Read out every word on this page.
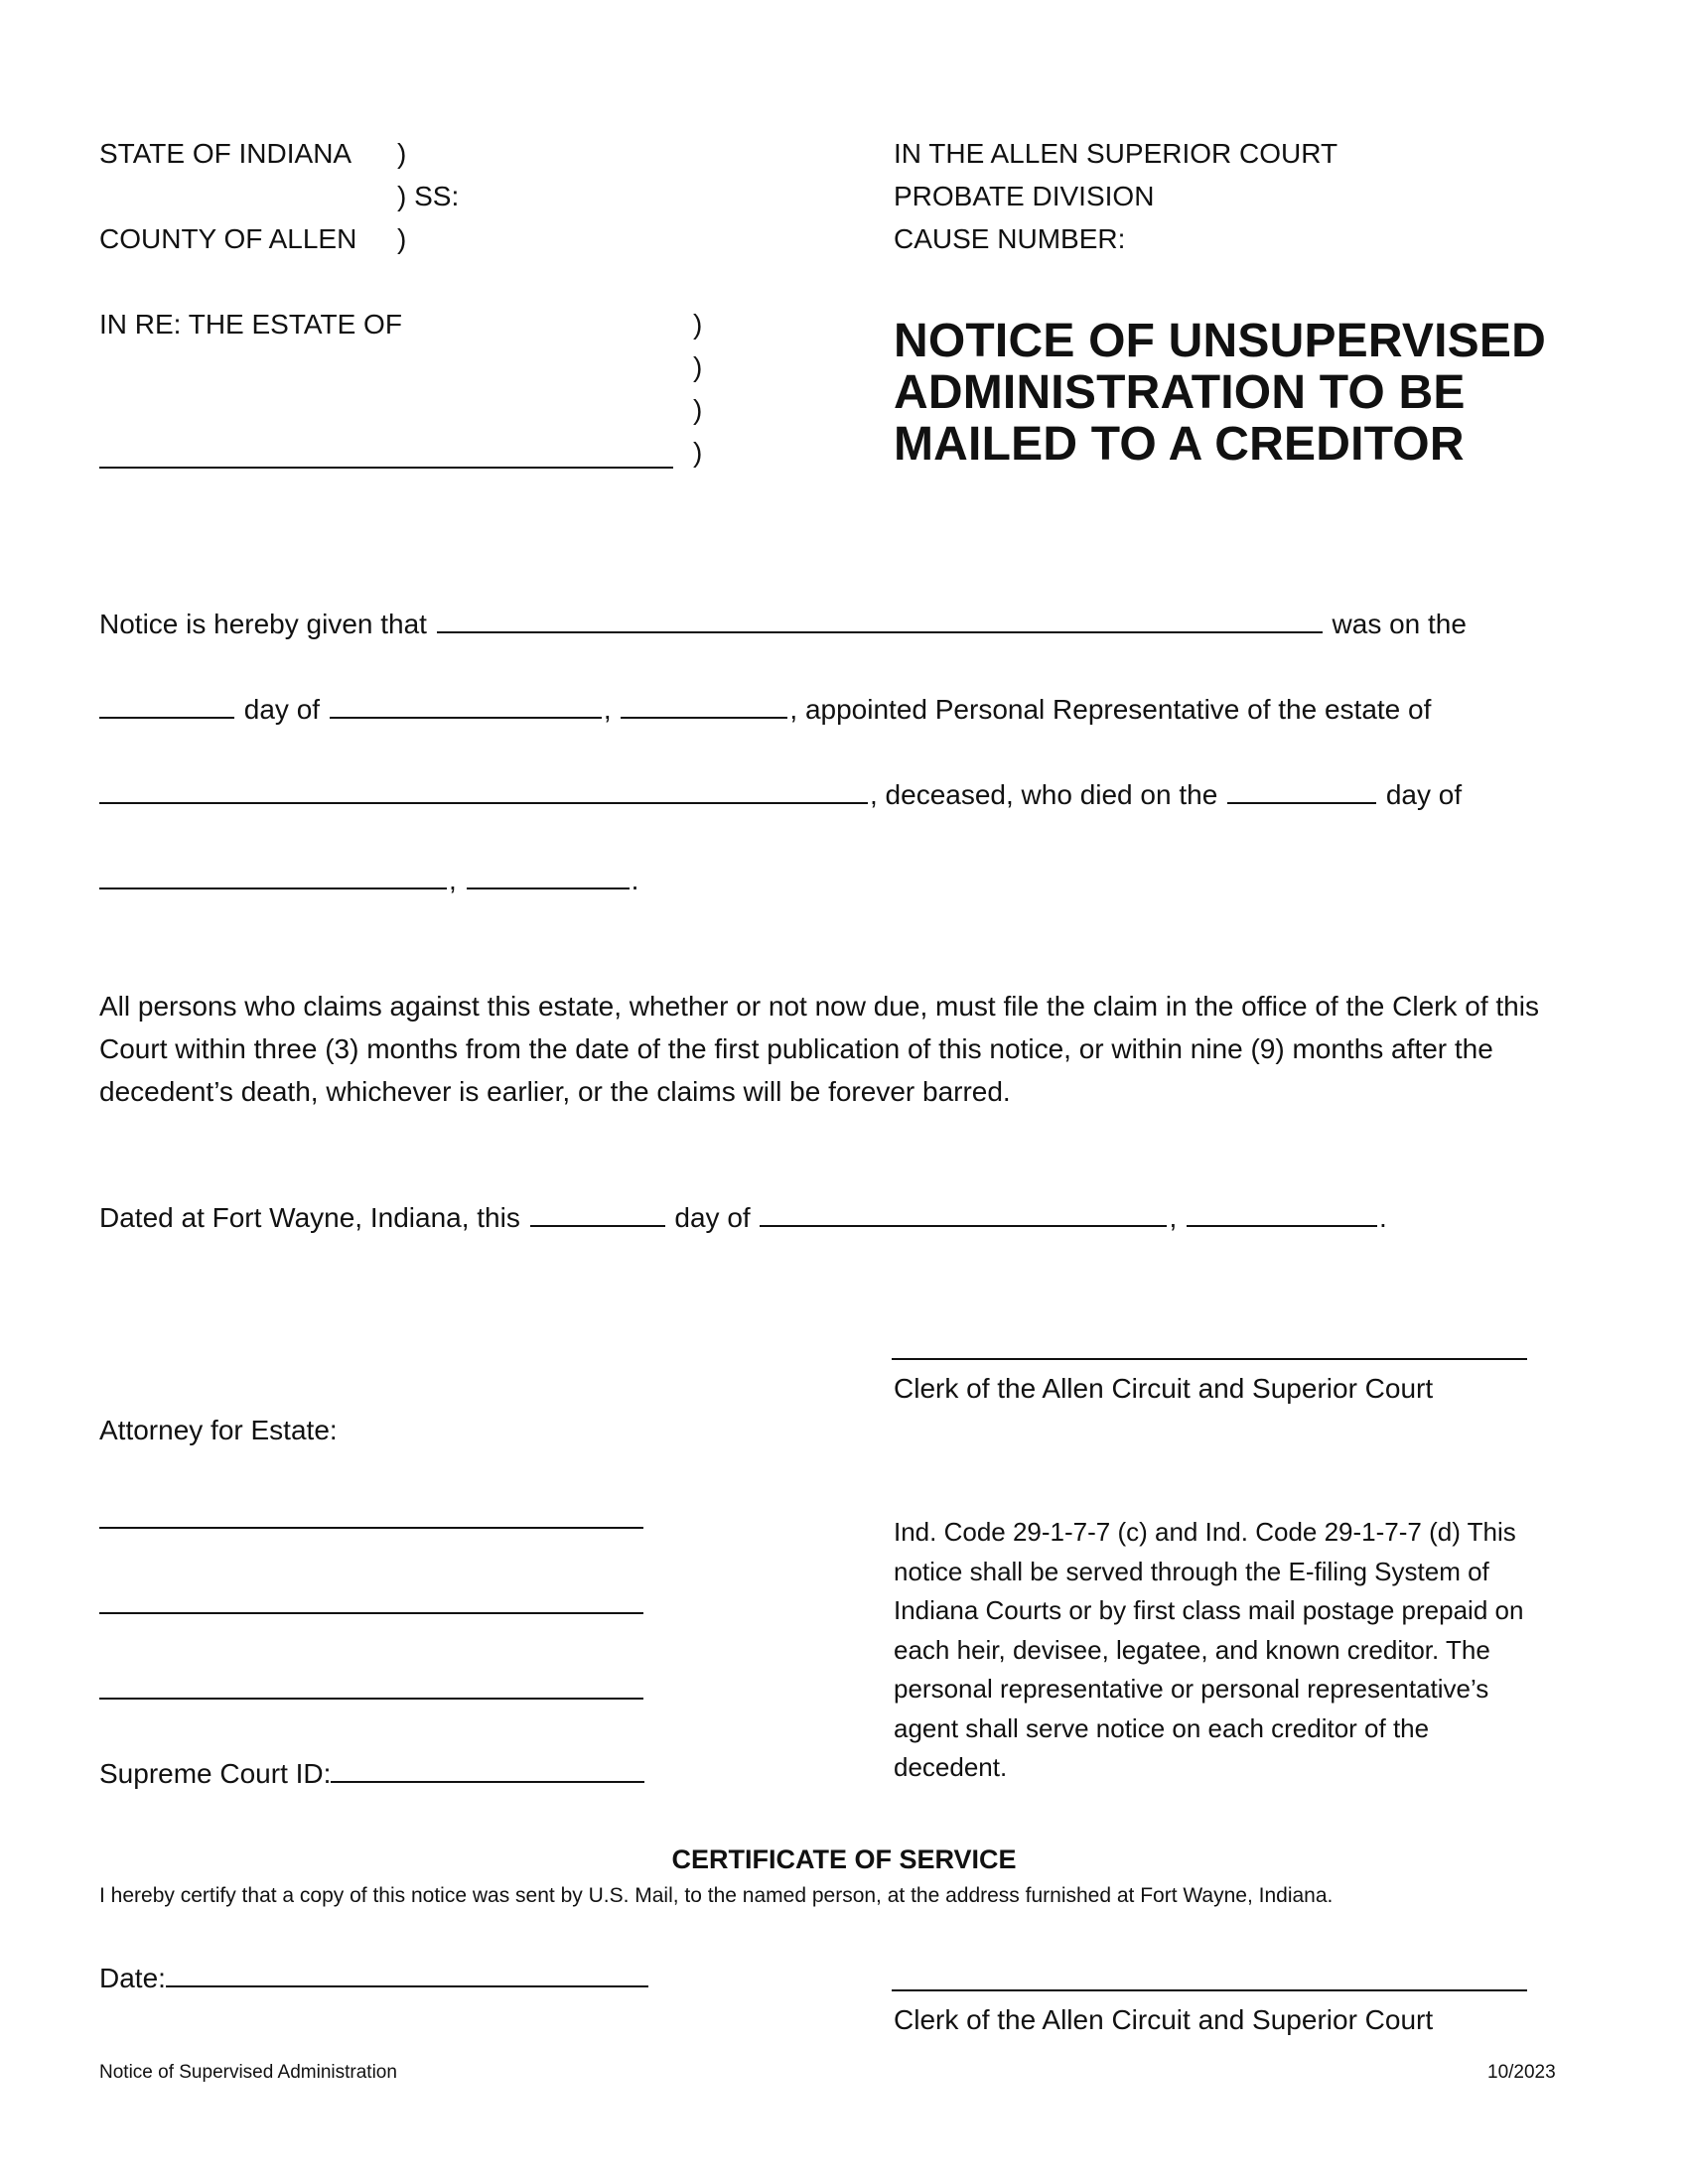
STATE OF INDIANA )
) SS:
COUNTY OF ALLEN )
IN THE ALLEN SUPERIOR COURT
PROBATE DIVISION
CAUSE NUMBER:
IN RE: THE ESTATE OF	)
)
)
)
NOTICE OF UNSUPERVISED ADMINISTRATION TO BE MAILED TO A CREDITOR
Notice is hereby given that	was on the
day of	,	, appointed Personal Representative of the estate of
, deceased, who died on the	day of
,	.
All persons who claims against this estate, whether or not now due, must file the claim in the office of the Clerk of this Court within three (3) months from the date of the first publication of this notice, or within nine (9) months after the decedent’s death, whichever is earlier, or the claims will be forever barred.
Dated at Fort Wayne, Indiana, this	day of	,	.
Clerk of the Allen Circuit and Superior Court
Attorney for Estate:
Supreme Court ID:
Ind. Code 29-1-7-7 (c) and Ind. Code 29-1-7-7 (d) This notice shall be served through the E-filing System of Indiana Courts or by first class mail postage prepaid on each heir, devisee, legatee, and known creditor. The personal representative or personal representative’s agent shall serve notice on each creditor of the decedent.
CERTIFICATE OF SERVICE
I hereby certify that a copy of this notice was sent by U.S. Mail, to the named person, at the address furnished at Fort Wayne, Indiana.
Date:
Clerk of the Allen Circuit and Superior Court
Notice of Supervised Administration	10/2023
